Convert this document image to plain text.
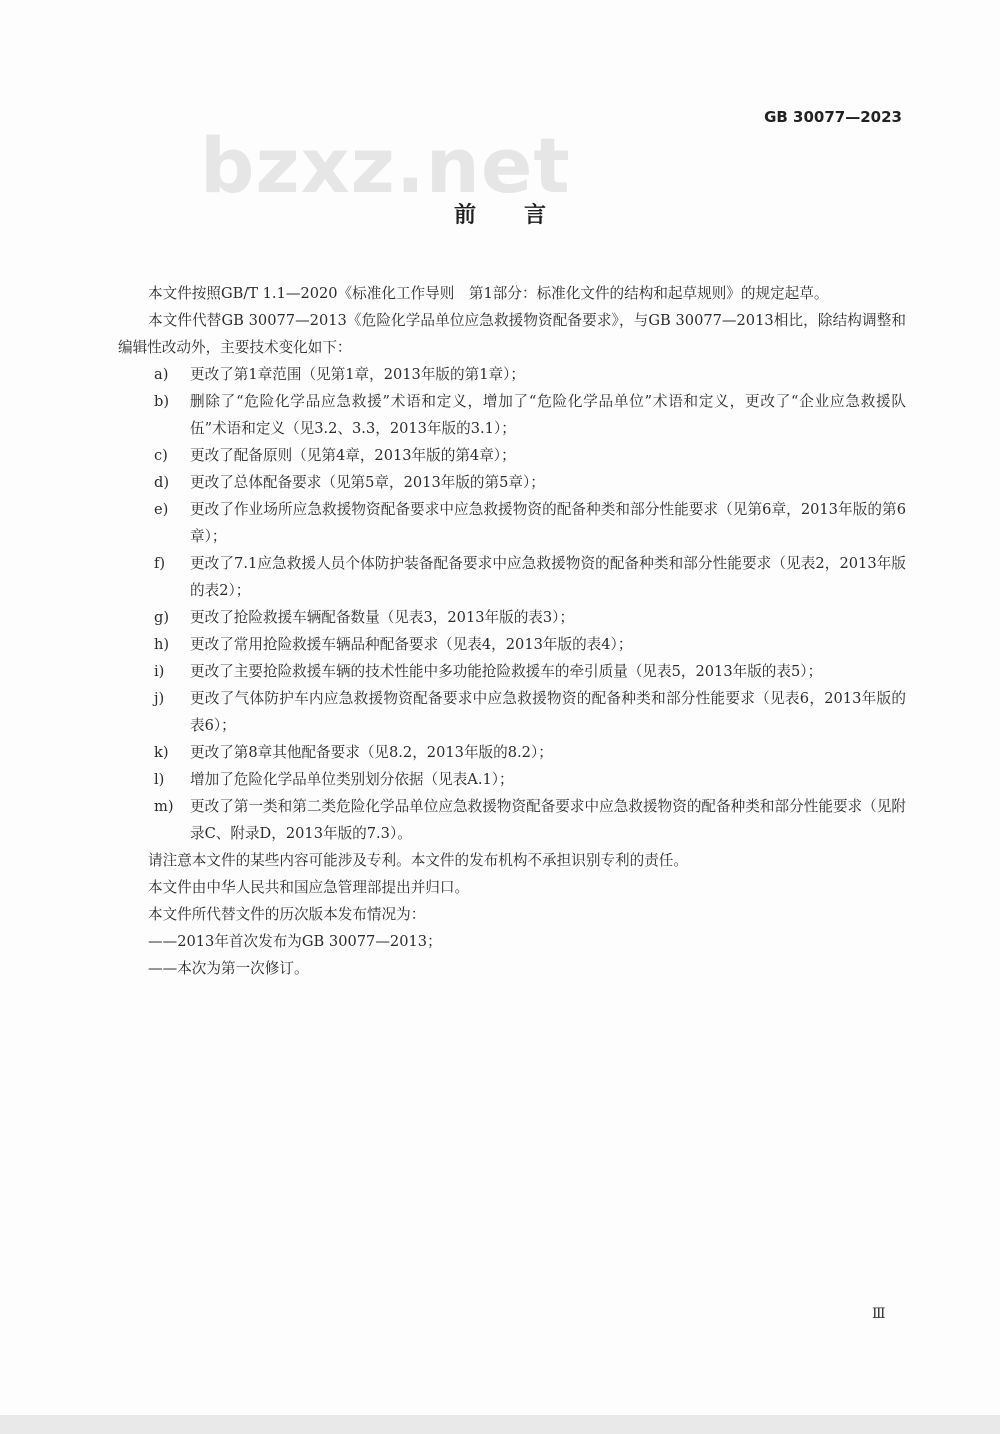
GB 30077—2023
bzxz.net
前言

本文件按照GB/T 1.1—2020《标准化工作导则　第1部分：标准化文件的结构和起草规则》的规定起草。

本文件代替GB 30077—2013《危险化学品单位应急救援物资配备要求》，与GB 30077—2013相比，除结构调整和编辑性改动外，主要技术变化如下：

a) 更改了第1章范围（见第1章，2013年版的第1章）；
b) 删除了“危险化学品应急救援”术语和定义，增加了“危险化学品单位”术语和定义，更改了“企业应急救援队伍”术语和定义（见3.2、3.3，2013年版的3.1）；
c) 更改了配备原则（见第4章，2013年版的第4章）；
d) 更改了总体配备要求（见第5章，2013年版的第5章）；
e) 更改了作业场所应急救援物资配备要求中应急救援物资的配备种类和部分性能要求（见第6章，2013年版的第6章）；
f) 更改了7.1应急救援人员个体防护装备配备要求中应急救援物资的配备种类和部分性能要求（见表2，2013年版的表2）；
g) 更改了抢险救援车辆配备数量（见表3，2013年版的表3）；
h) 更改了常用抢险救援车辆品种配备要求（见表4，2013年版的表4）；
i) 更改了主要抢险救援车辆的技术性能中多功能抢险救援车的牵引质量（见表5，2013年版的表5）；
j) 更改了气体防护车内应急救援物资配备要求中应急救援物资的配备种类和部分性能要求（见表6，2013年版的表6）；
k) 更改了第8章其他配备要求（见8.2，2013年版的8.2）；
l) 增加了危险化学品单位类别划分依据（见表A.1）；
m) 更改了第一类和第二类危险化学品单位应急救援物资配备要求中应急救援物资的配备种类和部分性能要求（见附录C、附录D，2013年版的7.3）。

请注意本文件的某些内容可能涉及专利。本文件的发布机构不承担识别专利的责任。

本文件由中华人民共和国应急管理部提出并归口。

本文件所代替文件的历次版本发布情况为：

——2013年首次发布为GB 30077—2013；

——本次为第一次修订。

Ⅲ
